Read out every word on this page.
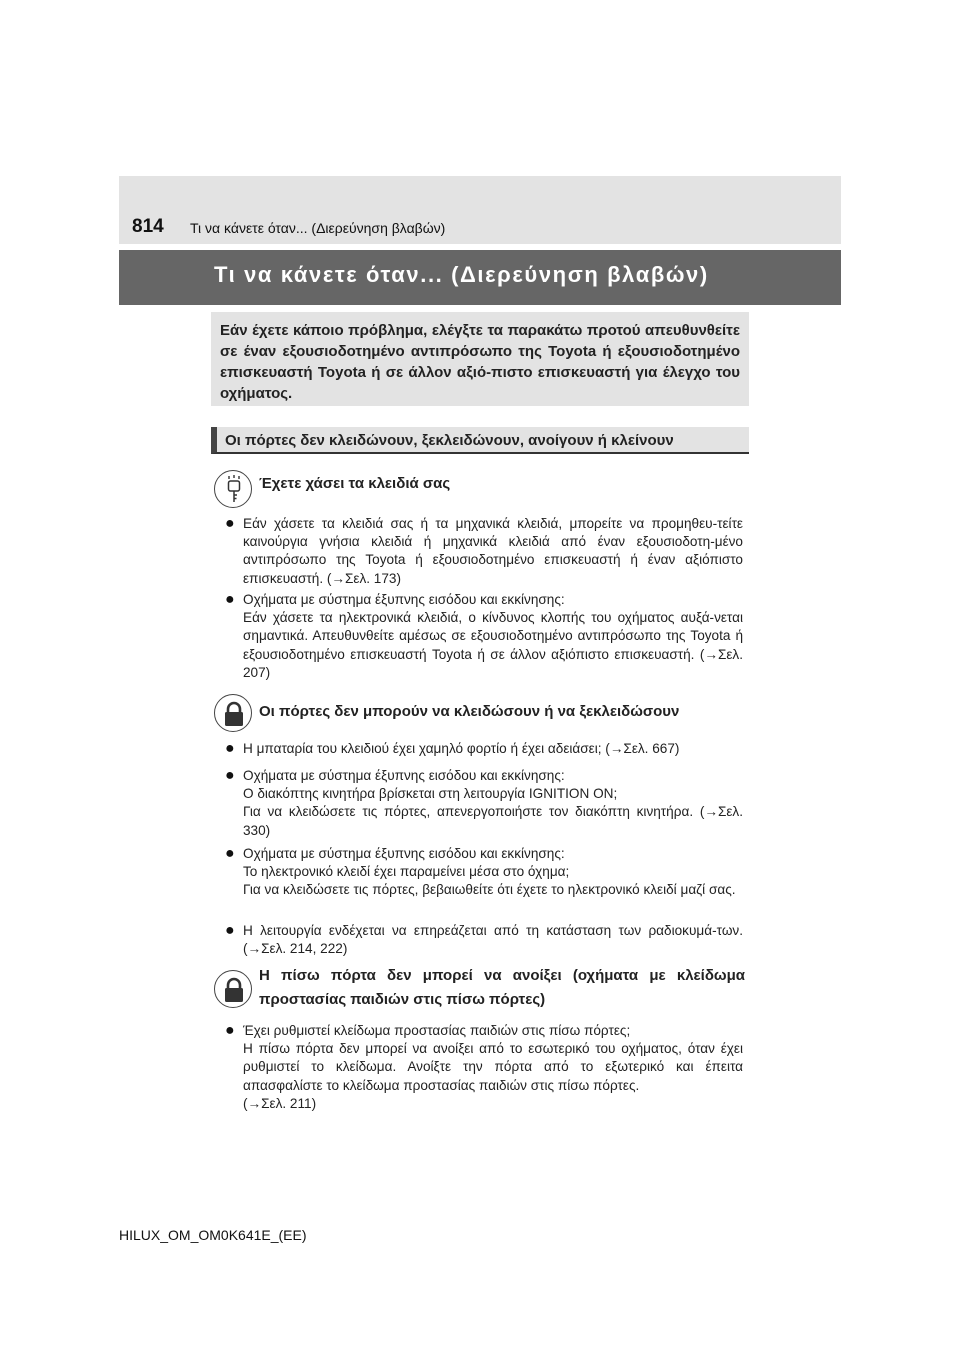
814 Τι να κάνετε όταν... (Διερεύνηση βλαβών)
Τι να κάνετε όταν... (Διερεύνηση βλαβών)

Εάν έχετε κάποιο πρόβλημα, ελέγξτε τα παρακάτω προτού απευθυνθείτε σε έναν εξουσιοδοτημένο αντιπρόσωπο της Toyota ή εξουσιοδοτημένο επισκευαστή Toyota ή σε άλλον αξιό-πιστο επισκευαστή για έλεγχο του οχήματος.

Οι πόρτες δεν κλειδώνουν, ξεκλειδώνουν, ανοίγουν ή κλείνουν
Έχετε χάσει τα κλειδιά σας
● Εάν χάσετε τα κλειδιά σας ή τα μηχανικά κλειδιά, μπορείτε να προμηθευ-τείτε καινούργια γνήσια κλειδιά ή μηχανικά κλειδιά από έναν εξουσιοδοτη-μένο αντιπρόσωπο της Toyota ή εξουσιοδοτημένο επισκευαστή ή έναν αξιόπιστο επισκευαστή. (→Σελ. 173)

● Οχήματα με σύστημα έξυπνης εισόδου και εκκίνησης:
Εάν χάσετε τα ηλεκτρονικά κλειδιά, ο κίνδυνος κλοπής του οχήματος αυξά-νεται σημαντικά. Απευθυνθείτε αμέσως σε εξουσιοδοτημένο αντιπρόσωπο της Toyota ή εξουσιοδοτημένο επισκευαστή Toyota ή σε άλλον αξιόπιστο επισκευαστή. (→Σελ. 207)

Οι πόρτες δεν μπορούν να κλειδώσουν ή να ξεκλειδώσουν
● Η μπαταρία του κλειδιού έχει χαμηλό φορτίο ή έχει αδειάσει; (→Σελ. 667)

● Οχήματα με σύστημα έξυπνης εισόδου και εκκίνησης:
Ο διακόπτης κινητήρα βρίσκεται στη λειτουργία IGNITION ON;
Για να κλειδώσετε τις πόρτες, απενεργοποιήστε τον διακόπτη κινητήρα. (→Σελ. 330)

● Οχήματα με σύστημα έξυπνης εισόδου και εκκίνησης:
Το ηλεκτρονικό κλειδί έχει παραμείνει μέσα στο όχημα;
Για να κλειδώσετε τις πόρτες, βεβαιωθείτε ότι έχετε το ηλεκτρονικό κλειδί μαζί σας.

● Η λειτουργία ενδέχεται να επηρεάζεται από τη κατάσταση των ραδιοκυμά-των. (→Σελ. 214, 222)

Η πίσω πόρτα δεν μπορεί να ανοίξει (οχήματα με κλείδωμα προστασίας παιδιών στις πίσω πόρτες)
● Έχει ρυθμιστεί κλείδωμα προστασίας παιδιών στις πίσω πόρτες;
Η πίσω πόρτα δεν μπορεί να ανοίξει από το εσωτερικό του οχήματος, όταν έχει ρυθμιστεί το κλείδωμα. Ανοίξτε την πόρτα από το εξωτερικό και έπειτα απασφαλίστε το κλείδωμα προστασίας παιδιών στις πίσω πόρτες.
(→Σελ. 211)

HILUX_OM_OM0K641E_(EE)
